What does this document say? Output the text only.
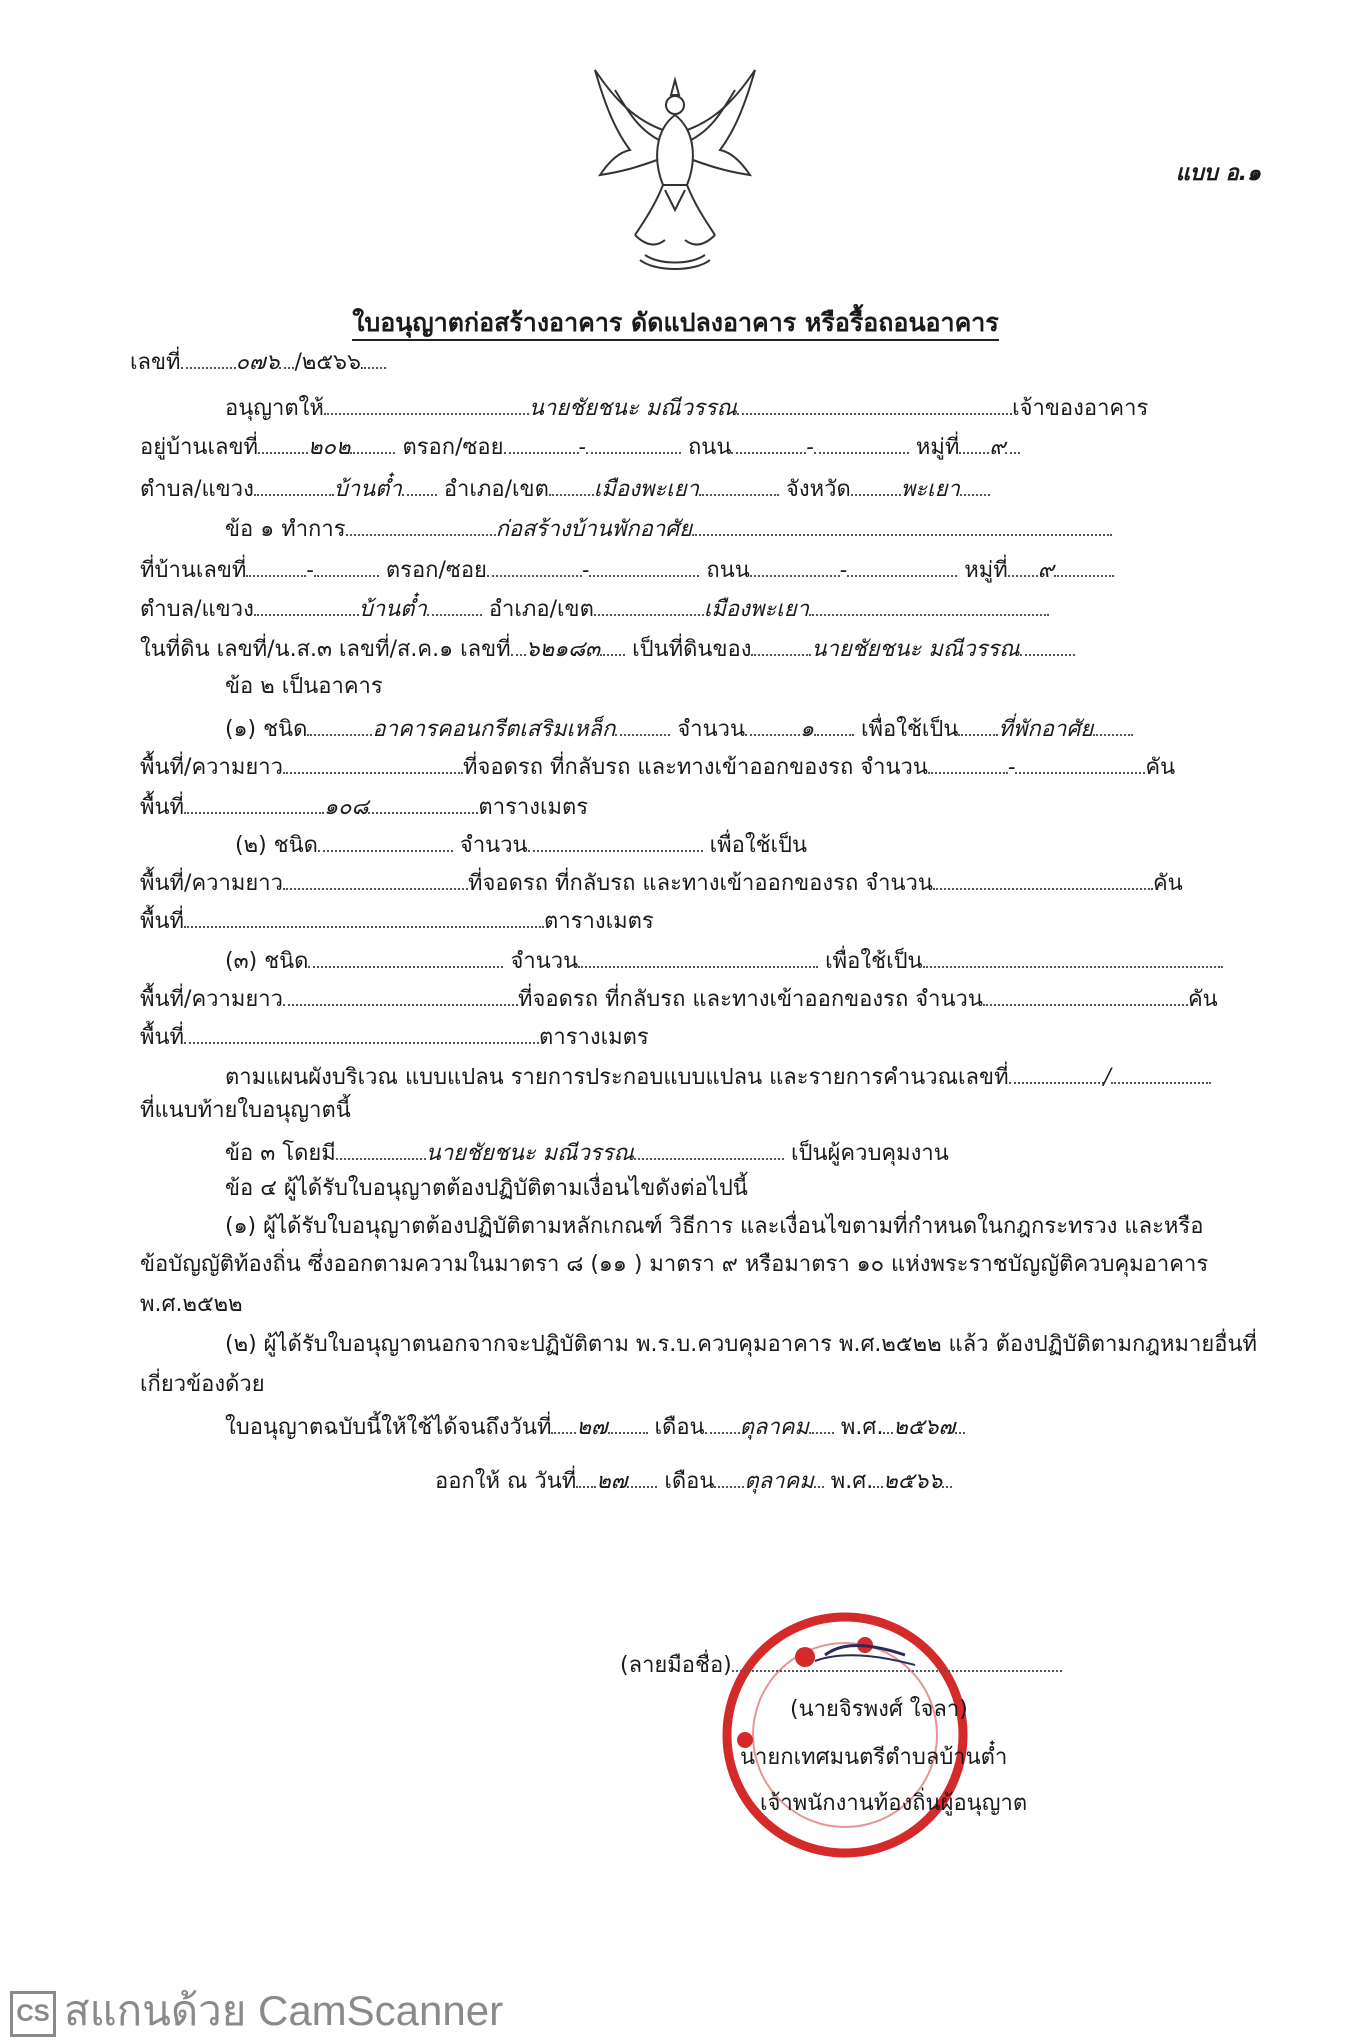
แบบ อ.๑
ใบอนุญาตก่อสร้างอาคาร ดัดแปลงอาคาร หรือรื้อถอนอาคาร
เลขที่	๐๗๖ /๒๕๖๖
อนุญาตให้	นายชัยชนะ มณีวรรณ	เจ้าของอาคาร
อยู่บ้านเลขที่ ๒๐๒ ตรอก/ซอย	-	ถนน	-	หมู่ที่ ๙
ตำบล/แขวง	บ้านต๋ำ อำเภอ/เขต เมืองพะเยา	จังหวัด พะเยา
ข้อ ๑ ทำการ	ก่อสร้างบ้านพักอาศัย
ที่บ้านเลขที่	-	ตรอก/ซอย	-	ถนน	-	หมู่ที่ ๙
ตำบล/แขวง	บ้านต๋ำ	อำเภอ/เขต	เมืองพะเยา
ในที่ดิน เลขที่/น.ส.๓ เลขที่/ส.ค.๑ เลขที่ ๖๒๑๘๓ เป็นที่ดินของ	นายชัยชนะ มณีวรรณ
ข้อ ๒ เป็นอาคาร
(๑) ชนิด	อาคารคอนกรีตเสริมเหล็ก	จำนวน	๑ เพื่อใช้เป็น ที่พักอาศัย
พื้นที่/ความยาว	ที่จอดรถ ที่กลับรถ และทางเข้าออกของรถ จำนวน	-	คัน
พื้นที่	๑๐๘	ตารางเมตร
(๒) ชนิด	จำนวน	เพื่อใช้เป็น
พื้นที่/ความยาว	ที่จอดรถ ที่กลับรถ และทางเข้าออกของรถ จำนวน	คัน
พื้นที่	ตารางเมตร
(๓) ชนิด	จำนวน	เพื่อใช้เป็น
พื้นที่/ความยาว	ที่จอดรถ ที่กลับรถ และทางเข้าออกของรถ จำนวน	คัน
พื้นที่	ตารางเมตร
ตามแผนผังบริเวณ แบบแปลน รายการประกอบแบบแปลน และรายการคำนวณเลขที่	/
ที่แนบท้ายใบอนุญาตนี้
ข้อ ๓ โดยมี	นายชัยชนะ มณีวรรณ	เป็นผู้ควบคุมงาน
ข้อ ๔ ผู้ได้รับใบอนุญาตต้องปฏิบัติตามเงื่อนไขดังต่อไปนี้
(๑) ผู้ได้รับใบอนุญาตต้องปฏิบัติตามหลักเกณฑ์ วิธีการ และเงื่อนไขตามที่กำหนดในกฎกระทรวง และหรือ
ข้อบัญญัติท้องถิ่น ซึ่งออกตามความในมาตรา ๘ (๑๑ ) มาตรา ๙ หรือมาตรา ๑๐ แห่งพระราชบัญญัติควบคุมอาคาร
พ.ศ.๒๕๒๒
(๒) ผู้ได้รับใบอนุญาตนอกจากจะปฏิบัติตาม พ.ร.บ.ควบคุมอาคาร พ.ศ.๒๕๒๒ แล้ว ต้องปฏิบัติตามกฎหมายอื่นที่
เกี่ยวข้องด้วย
ใบอนุญาตฉบับนี้ให้ใช้ได้จนถึงวันที่ ๒๗ เดือน ตุลาคม พ.ศ. ๒๕๖๗
ออกให้ ณ วันที่ ๒๗ เดือน ตุลาคม พ.ศ. ๒๕๖๖
(ลายมือชื่อ)
(นายจิรพงศ์ ใจลา)
นายกเทศมนตรีตำบลบ้านต๋ำ
เจ้าพนักงานท้องถิ่นผู้อนุญาต
CS สแกนด้วย CamScanner
